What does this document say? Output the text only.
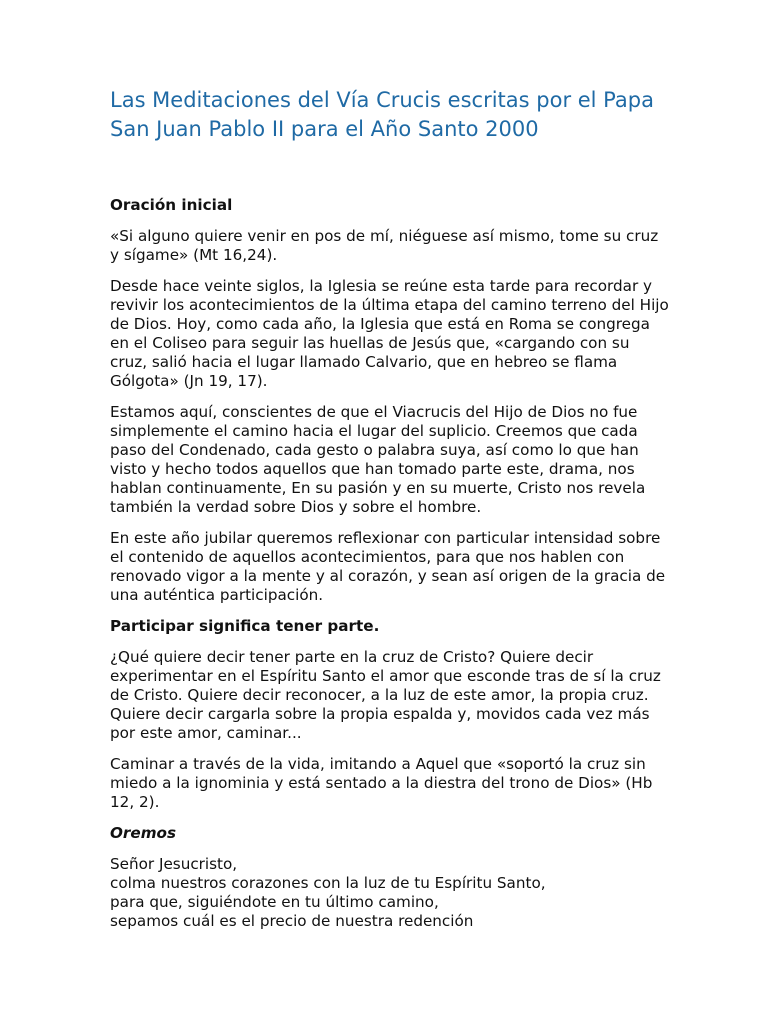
Las Meditaciones del Vía Crucis escritas por el Papa San Juan Pablo II para el Año Santo 2000
Oración inicial

«Si alguno quiere venir en pos de mí, niéguese así mismo, tome su cruz y sígame» (Mt 16,24).

Desde hace veinte siglos, la Iglesia se reúne esta tarde para recordar y revivir los acontecimientos de la última etapa del camino terreno del Hijo de Dios. Hoy, como cada año, la Iglesia que está en Roma se congrega en el Coliseo para seguir las huellas de Jesús que, «cargando con su cruz, salió hacia el lugar llamado Calvario, que en hebreo se flama Gólgota» (Jn 19, 17).

Estamos aquí, conscientes de que el Viacrucis del Hijo de Dios no fue simplemente el camino hacia el lugar del suplicio. Creemos que cada paso del Condenado, cada gesto o palabra suya, así como lo que han visto y hecho todos aquellos que han tomado parte este, drama, nos hablan continuamente, En su pasión y en su muerte, Cristo nos revela también la verdad sobre Dios y sobre el hombre.

En este año jubilar queremos reflexionar con particular intensidad sobre el contenido de aquellos acontecimientos, para que nos hablen con renovado vigor a la mente y al corazón, y sean así origen de la gracia de una auténtica participación.

Participar significa tener parte.

¿Qué quiere decir tener parte en la cruz de Cristo? Quiere decir experimentar en el Espíritu Santo el amor que esconde tras de sí la cruz de Cristo. Quiere decir reconocer, a la luz de este amor, la propia cruz. Quiere decir cargarla sobre la propia espalda y, movidos cada vez más por este amor, caminar...

Caminar a través de la vida, imitando a Aquel que «soportó la cruz sin miedo a la ignominia y está sentado a la diestra del trono de Dios» (Hb 12, 2).

Oremos
Señor Jesucristo,
colma nuestros corazones con la luz de tu Espíritu Santo,
para que, siguiéndote en tu último camino,
sepamos cuál es el precio de nuestra redención
